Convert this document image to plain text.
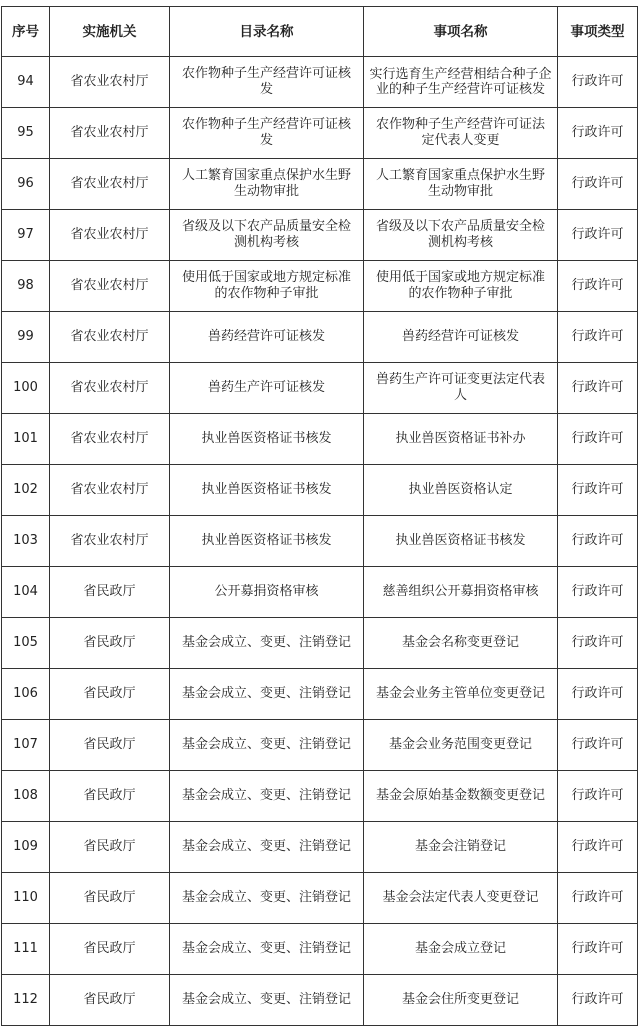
序号	实施机关	目录名称	事项名称	事项类型
94	省农业农村厅	农作物种子生产经营许可证核发	实行选育生产经营相结合种子企业的种子生产经营许可证核发	行政许可
95	省农业农村厅	农作物种子生产经营许可证核发	农作物种子生产经营许可证法定代表人变更	行政许可
96	省农业农村厅	人工繁育国家重点保护水生野生动物审批	人工繁育国家重点保护水生野生动物审批	行政许可
97	省农业农村厅	省级及以下农产品质量安全检测机构考核	省级及以下农产品质量安全检测机构考核	行政许可
98	省农业农村厅	使用低于国家或地方规定标准的农作物种子审批	使用低于国家或地方规定标准的农作物种子审批	行政许可
99	省农业农村厅	兽药经营许可证核发	兽药经营许可证核发	行政许可
100	省农业农村厅	兽药生产许可证核发	兽药生产许可证变更法定代表人	行政许可
101	省农业农村厅	执业兽医资格证书核发	执业兽医资格证书补办	行政许可
102	省农业农村厅	执业兽医资格证书核发	执业兽医资格认定	行政许可
103	省农业农村厅	执业兽医资格证书核发	执业兽医资格证书核发	行政许可
104	省民政厅	公开募捐资格审核	慈善组织公开募捐资格审核	行政许可
105	省民政厅	基金会成立、变更、注销登记	基金会名称变更登记	行政许可
106	省民政厅	基金会成立、变更、注销登记	基金会业务主管单位变更登记	行政许可
107	省民政厅	基金会成立、变更、注销登记	基金会业务范围变更登记	行政许可
108	省民政厅	基金会成立、变更、注销登记	基金会原始基金数额变更登记	行政许可
109	省民政厅	基金会成立、变更、注销登记	基金会注销登记	行政许可
110	省民政厅	基金会成立、变更、注销登记	基金会法定代表人变更登记	行政许可
111	省民政厅	基金会成立、变更、注销登记	基金会成立登记	行政许可
112	省民政厅	基金会成立、变更、注销登记	基金会住所变更登记	行政许可
